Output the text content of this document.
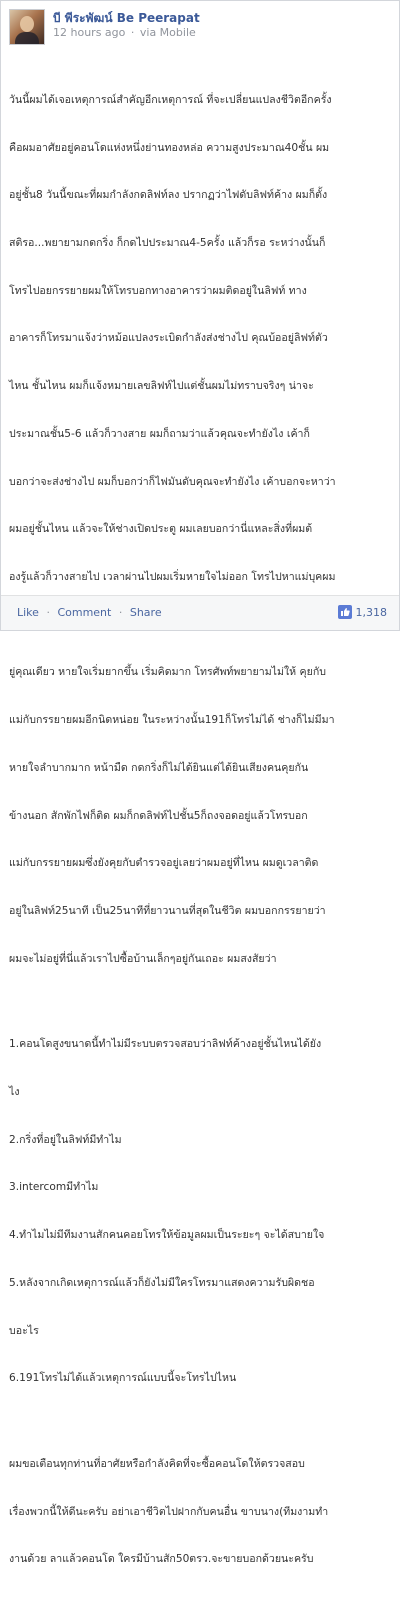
บี พีระพัฒน์ Be Peerapat
12 hours ago · via Mobile

วันนี้ผมได้เจอเหตุการณ์สำคัญอีกเหตุการณ์ ที่จะเปลี่ยนแปลงชีวิตอีกครั้ง

คือผมอาศัยอยู่คอนโดแห่งหนึ่งย่านทองหล่อ ความสูงประมาณ40ชั้น ผม

อยู่ชั้น8 วันนี้ขณะที่ผมกำลังกดลิฟท์ลง ปรากฏว่าไฟดับลิฟท์ค้าง ผมก็ตั้ง

สติรอ...พยายามกดกริ่ง ก็กดไปประมาณ4-5ครั้ง แล้วก็รอ ระหว่างนั้นก็

โทรไปอยกรรยายผมให้โทรบอกทางอาคารว่าผมติดอยู่ในลิฟท์ ทาง

อาคารก็โทรมาแจ้งว่าหม้อแปลงระเบิดกำลังส่งช่างไป คุณบ้ออยู่ลิฟท์ตัว

ไหน ชั้นไหน ผมก็แจ้งหมายเลขลิฟท์ไปแต่ชั้นผมไม่ทราบจริงๆ น่าจะ

ประมาณชั้น5-6 แล้วก็วางสาย ผมก็ถามว่าแล้วคุณจะทำยังไง เค้าก็

บอกว่าจะส่งช่างไป ผมก็บอกว่าก็ไฟมันดับคุณจะทำยังไง เค้าบอกจะหาว่า

ผมอยู่ชั้นไหน แล้วจะให้ช่างเปิดประตู ผมเลยบอกว่านี่แหละสิ่งที่ผมต้

องรู้แล้วก็วางสายไป เวลาผ่านไปผมเริ่มหายใจไม่ออก โทรไปหาแม่บุคผม

ยู่คุณเดียว หายใจเริ่มยากขึ้น เริ่มคิดมาก โทรศัพท์พยายามไม่ให้ คุยกับ

แม่กับกรรยายผมอีกนิดหน่อย ในระหว่างนั้น191ก็โทรไม่ได้ ช่างก็ไม่มีมา

หายใจลำบากมาก หน้ามืด กดกริ่งก็ไม่ได้ยินแต่ได้ยินเสียงคนคุยกัน

ข้างนอก สักพักไฟก็ติด ผมก็กดลิฟท์ไปชั้น5ก็ถงจอดอยู่แล้วโทรบอก

แม่กับกรรยายผมซึ่งยังคุยกับตำรวจอยู่เลยว่าผมอยู่ที่ไหน ผมดูเวลาติด

อยู่ในลิฟท์25นาที เป็น25นาทีที่ยาวนานที่สุดในชีวิต ผมบอกกรรยายว่า

ผมจะไม่อยู่ที่นี่แล้วเราไปซื้อบ้านเล็กๆอยู่กันเถอะ ผมสงสัยว่า

1.คอนโดสูงขนาดนี้ทำไม่มีระบบตรวจสอบว่าลิฟท์ค้างอยู่ชั้นไหนได้ยัง

ไง

2.กริ่งที่อยู่ในลิฟท์มีทำไม

3.intercomมีทำไม

4.ทำไมไม่มีทีมงานสักคนคอยโทรให้ข้อมูลผมเป็นระยะๆ จะได้สบายใจ

5.หลังจากเกิดเหตุการณ์แล้วก็ยังไม่มีใครโทรมาแสดงความรับผิดชอ

บอะไร

6.191โทรไม่ได้แล้วเหตุการณ์แบบนี้จะโทรไปไหน

ผมขอเตือนทุกท่านที่อาศัยหรือกำลังคิดที่จะซื้อคอนโดให้ตรวจสอบ

เรื่องพวกนี้ให้ดีนะครับ อย่าเอาชีวิตไปฝากกับคนอื่น ขาบนาง(ทีมงามทำ

งานด้วย ลาแล้วคอนโด ใครมีบ้านสัก50ตรว.จะขายบอกด้วยนะครับ

Like · Comment · Share	1,318
